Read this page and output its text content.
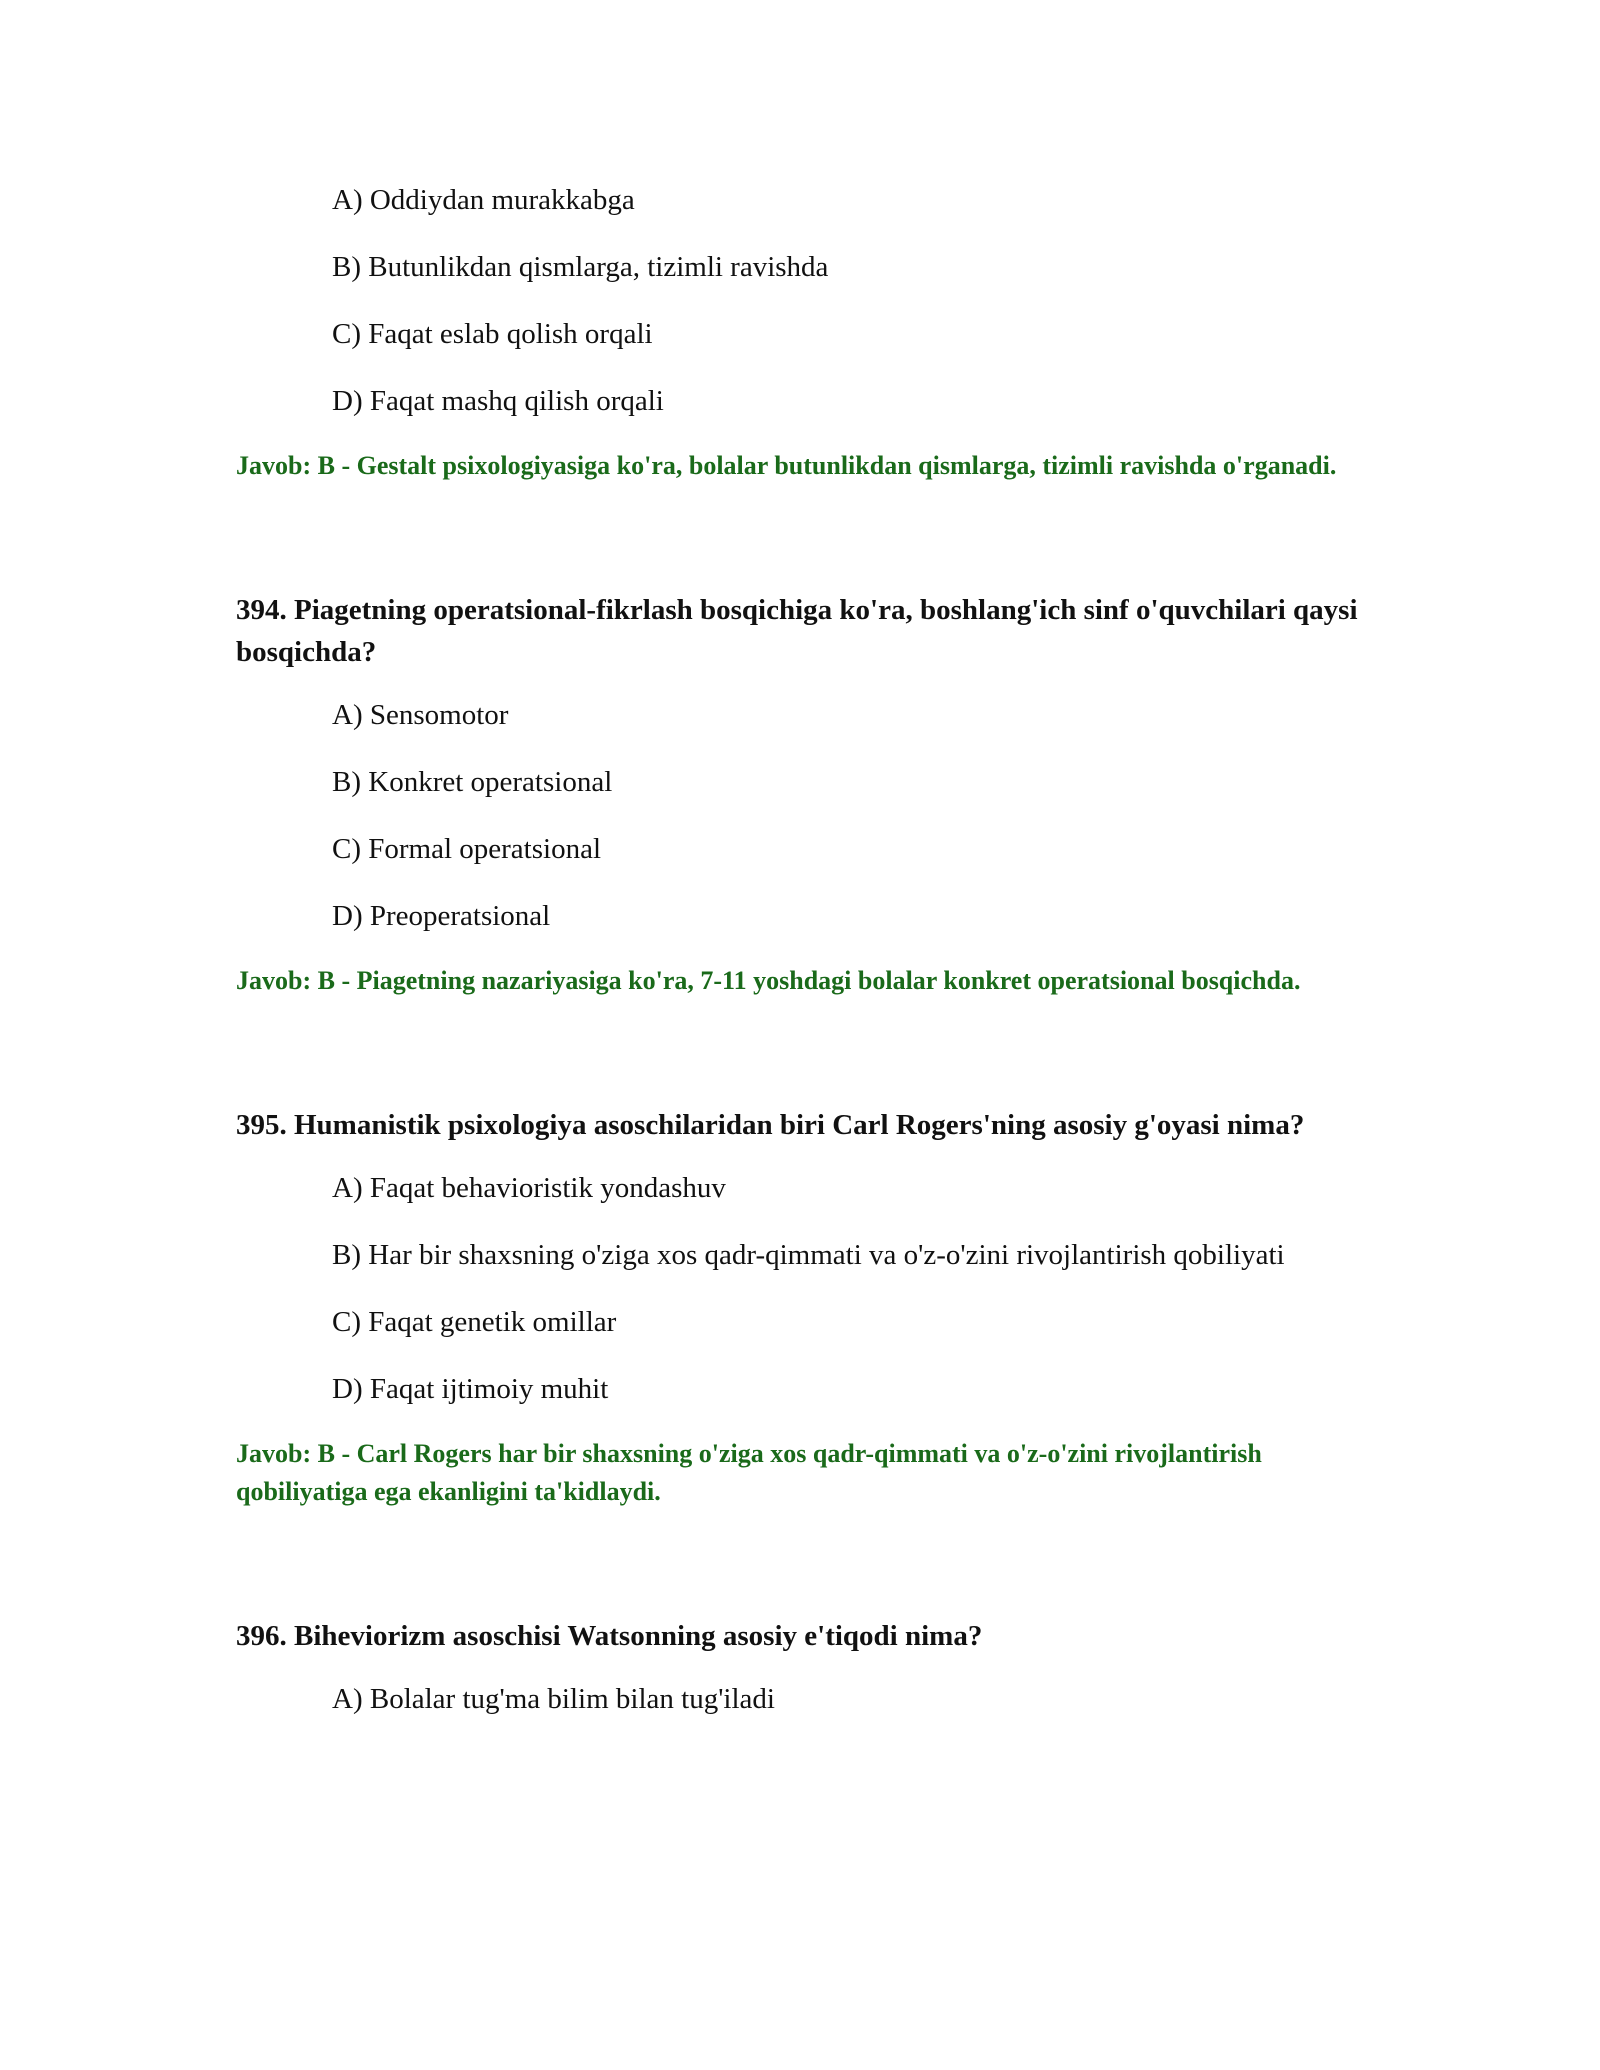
A) Oddiydan murakkabga
B) Butunlikdan qismlarga, tizimli ravishda
C) Faqat eslab qolish orqali
D) Faqat mashq qilish orqali
Javob: B - Gestalt psixologiyasiga ko'ra, bolalar butunlikdan qismlarga, tizimli ravishda o'rganadi.
394. Piagetning operatsional-fikrlash bosqichiga ko'ra, boshlang'ich sinf o'quvchilari qaysi bosqichda?
A) Sensomotor
B) Konkret operatsional
C) Formal operatsional
D) Preoperatsional
Javob: B - Piagetning nazariyasiga ko'ra, 7-11 yoshdagi bolalar konkret operatsional bosqichda.
395. Humanistik psixologiya asoschilaridan biri Carl Rogers'ning asosiy g'oyasi nima?
A) Faqat behavioristik yondashuv
B) Har bir shaxsning o'ziga xos qadr-qimmati va o'z-o'zini rivojlantirish qobiliyati
C) Faqat genetik omillar
D) Faqat ijtimoiy muhit
Javob: B - Carl Rogers har bir shaxsning o'ziga xos qadr-qimmati va o'z-o'zini rivojlantirish qobiliyatiga ega ekanligini ta'kidlaydi.
396. Biheviorizm asoschisi Watsonning asosiy e'tiqodi nima?
A) Bolalar tug'ma bilim bilan tug'iladi
